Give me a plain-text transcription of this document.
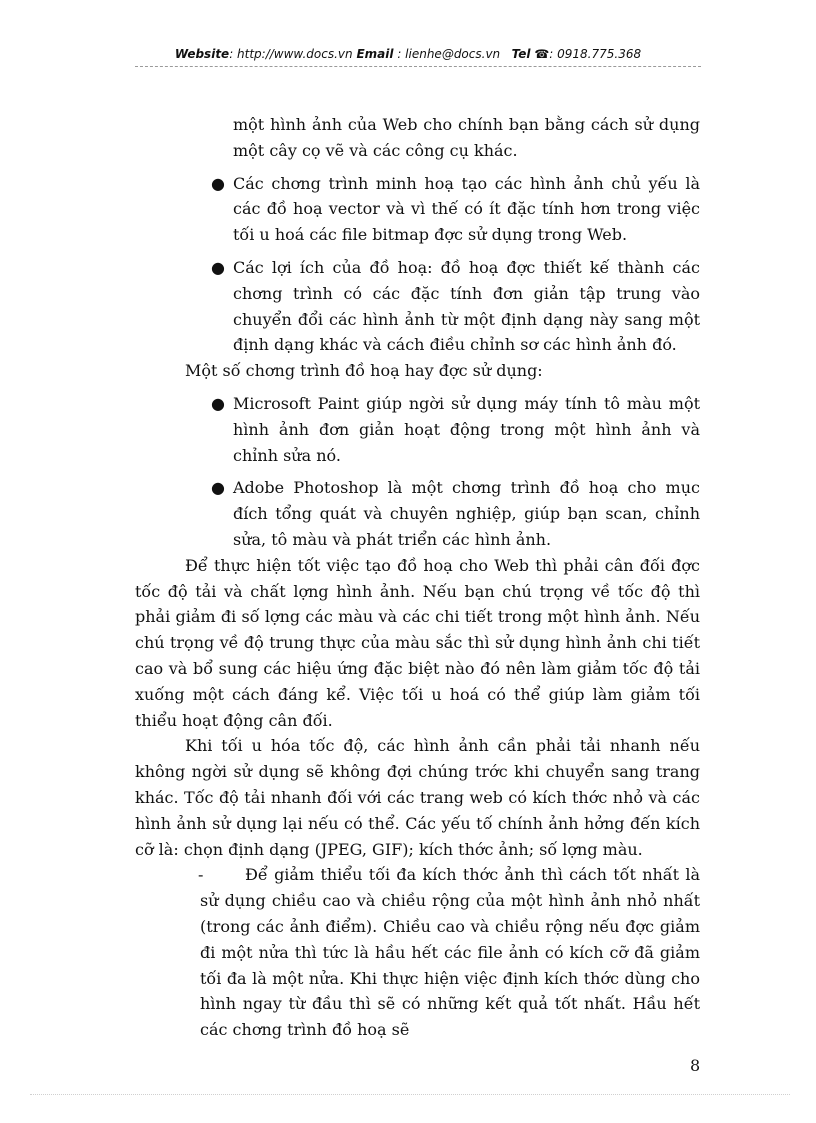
Website: http://www.docs.vn Email : lienhe@docs.vn Tel ☎: 0918.775.368

một hình ảnh của Web cho chính bạn bằng cách sử dụng một cây cọ vẽ và các công cụ khác.

● Các chơng trình minh hoạ tạo các hình ảnh chủ yếu là các đồ hoạ vector và vì thế có ít đặc tính hơn trong việc tối u hoá các file bitmap đợc sử dụng trong Web.

● Các lợi ích của đồ hoạ: đồ hoạ đợc thiết kế thành các chơng trình có các đặc tính đơn giản tập trung vào chuyển đổi các hình ảnh từ một định dạng này sang một định dạng khác và cách điều chỉnh sơ các hình ảnh đó.

Một số chơng trình đồ hoạ hay đợc sử dụng:

● Microsoft Paint giúp ngời sử dụng máy tính tô màu một hình ảnh đơn giản hoạt động trong một hình ảnh và chỉnh sửa nó.

● Adobe Photoshop là một chơng trình đồ hoạ cho mục đích tổng quát và chuyên nghiệp, giúp bạn scan, chỉnh sửa, tô màu và phát triển các hình ảnh.

Để thực hiện tốt việc tạo đồ hoạ cho Web thì phải cân đối đợc tốc độ tải và chất lợng hình ảnh. Nếu bạn chú trọng về tốc độ thì phải giảm đi số lợng các màu và các chi tiết trong một hình ảnh. Nếu chú trọng về độ trung thực của màu sắc thì sử dụng hình ảnh chi tiết cao và bổ sung các hiệu ứng đặc biệt nào đó nên làm giảm tốc độ tải xuống một cách đáng kể. Việc tối u hoá có thể giúp làm giảm tối thiểu hoạt động cân đối.

Khi tối u hóa tốc độ, các hình ảnh cần phải tải nhanh nếu không ngời sử dụng sẽ không đợi chúng trớc khi chuyển sang trang khác. Tốc độ tải nhanh đối với các trang web có kích thớc nhỏ và các hình ảnh sử dụng lại nếu có thể. Các yếu tố chính ảnh hởng đến kích cỡ là: chọn định dạng (JPEG, GIF); kích thớc ảnh; số lợng màu.

-	Để giảm thiểu tối đa kích thớc ảnh thì cách tốt nhất là sử dụng chiều cao và chiều rộng của một hình ảnh nhỏ nhất (trong các ảnh điểm). Chiều cao và chiều rộng nếu đợc giảm đi một nửa thì tức là hầu hết các file ảnh có kích cỡ đã giảm tối đa là một nửa. Khi thực hiện việc định kích thớc dùng cho hình ngay từ đầu thì sẽ có những kết quả tốt nhất. Hầu hết các chơng trình đồ hoạ sẽ

8
